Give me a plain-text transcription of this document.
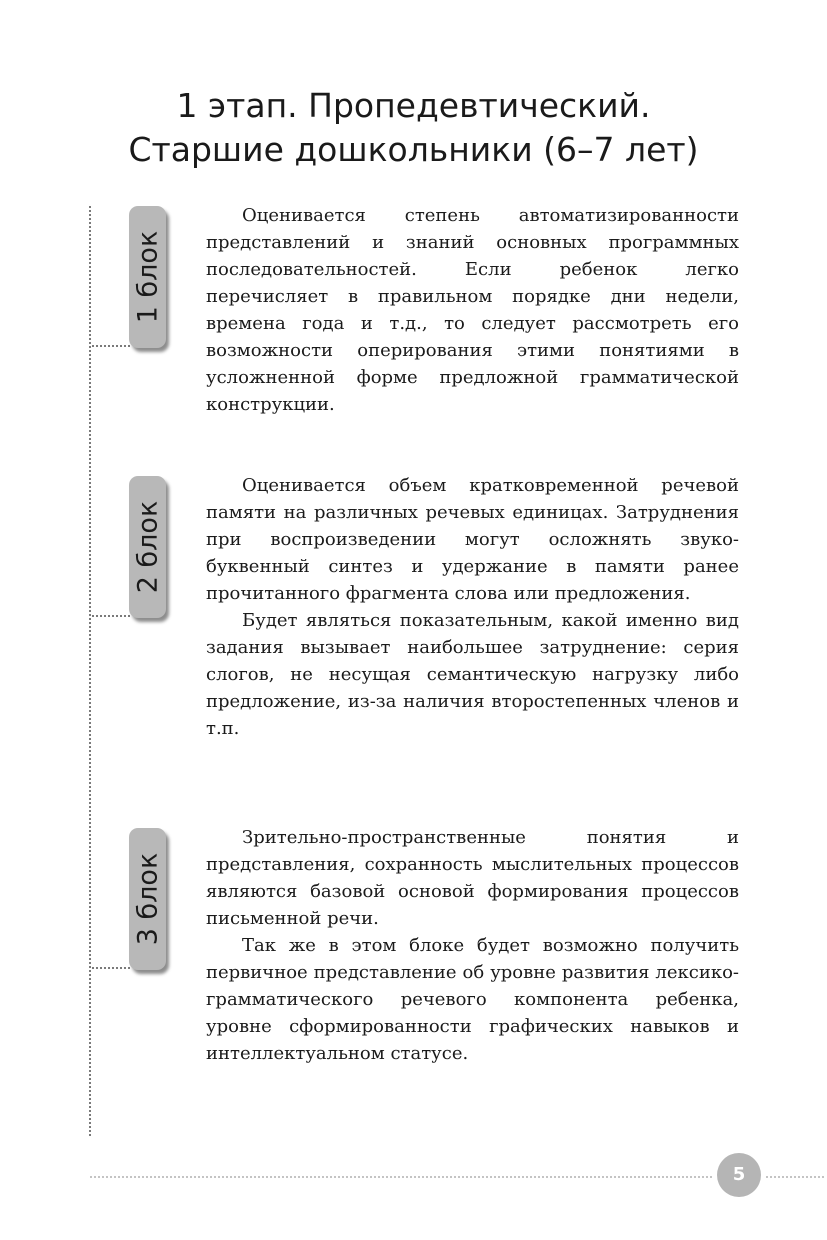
1 этап. Пропедевтический.
Старшие дошкольники (6–7 лет)
1 блок

Оценивается степень автоматизированности представлений и знаний основных программных последовательностей. Если ребенок легко перечисляет в правильном порядке дни недели, времена года и т.д., то следует рассмотреть его возможности оперирования этими понятиями в усложненной форме предложной грамматической конструкции.

2 блок

Оценивается объем кратковременной речевой памяти на различных речевых единицах. Затруднения при воспроизведении могут осложнять звуко-буквенный синтез и удержание в памяти ранее прочитанного фрагмента слова или предложения.

Будет являться показательным, какой именно вид задания вызывает наибольшее затруднение: серия слогов, не несущая семантическую нагрузку либо предложение, из-за наличия второстепенных членов и т.п.

3 блок

Зрительно-пространственные понятия и представления, сохранность мыслительных процессов являются базовой основой формирования процессов письменной речи.

Так же в этом блоке будет возможно получить первичное представление об уровне развития лексико-грамматического речевого компонента ребенка, уровне сформированности графических навыков и интеллектуальном статусе.

5
